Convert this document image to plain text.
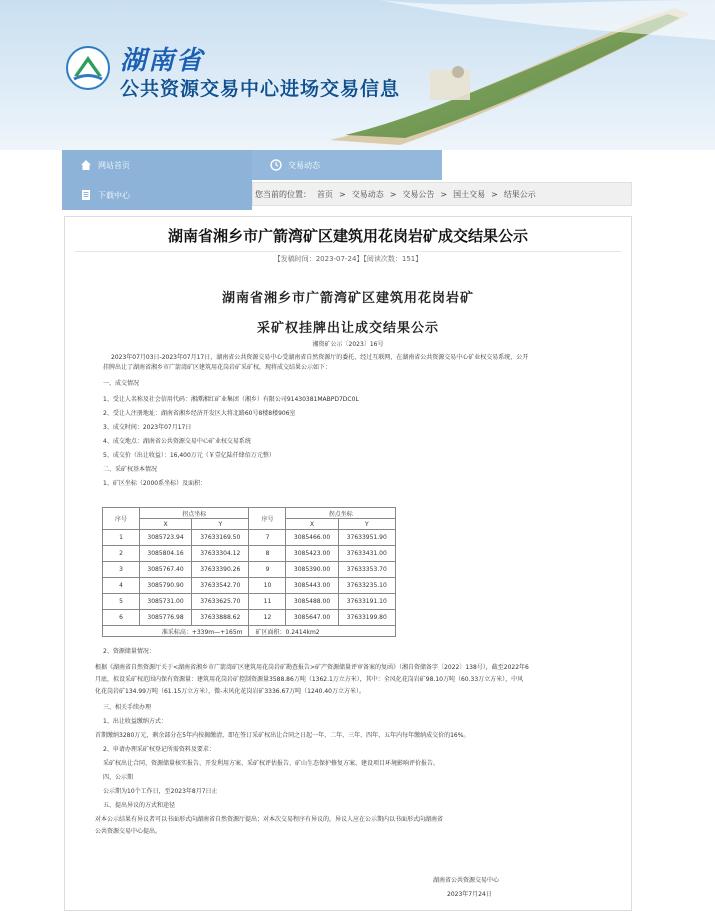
湖南省
公共资源交易中心进场交易信息
网站首页	交易动态
下载中心	您当前的位置： 首页 > 交易动态 > 交易公告 > 国土交易 > 结果公示
湖南省湘乡市广箭湾矿区建筑用花岗岩矿成交结果公示
【发稿时间：2023-07-24】【阅读次数：151】
湖南省湘乡市广箭湾矿区建筑用花岗岩矿
采矿权挂牌出让成交结果公示
湘资矿公示〔2023〕16号
2023年07月03日-2023年07月17日，湖南省公共资源交易中心受湖南省自然资源厅的委托，经过互联网，在湖南省公共资源交易中心矿业权交易系统，公开
挂牌出让了湖南省湘乡市广箭湾矿区建筑用花岗岩矿采矿权，现将成交结果公示如下：
一、成交情况
1、受让人名称及社会信用代码：湘潭湘红矿业集团（湘乡）有限公司91430381MABPD7DC0L
2、受让人注册地址：湖南省湘乡经济开发区大将北路60号8楼8楼906室
3、成交时间：2023年07月17日
4、成交地点：湖南省公共资源交易中心矿业权交易系统
5、成交价（出让收益）：16,400万元（￥壹亿陆仟肆佰万元整）
二、采矿权基本情况
1、矿区坐标（2000系坐标）及面积：
序号	拐点坐标		序号	拐点坐标	
	X	Y		X	Y
1	3085723.94	37633169.50	7	3085466.00	37633951.90
2	3085804.16	37633304.12	8	3085423.00	37633431.00
3	3085767.40	37633390.26	9	3085390.00	37633353.70
4	3085790.90	37633542.70	10	3085443.00	37633235.10
5	3085731.00	37633625.70	11	3085488.00	37633191.10
6	3085776.98	37633888.62	12	3085647.00	37633199.80
准采标高：+339m—+165m			矿区面积：0.2414km2		
2、资源储量情况：
根据《湖南省自然资源厅关于<湖南省湘乡市广箭湾矿区建筑用花岗岩矿勘查报告>矿产资源储量评审备案的复函》（湘自资储备字〔2022〕138号），截至2022年6
月底，拟设采矿权范围内保有资源量：建筑用花岗岩矿控制资源量3588.86万吨（1362.1万立方米），其中：全风化花岗岩矿98.10万吨（60.33万立方米），中风
化花岗岩矿134.99万吨（61.15万立方米），微-未风化花岗岩矿3336.67万吨（1240.40万立方米）。
三、相关手续办理
1、出让收益缴纳方式：
首期缴纳3280万元，剩余部分在5年内按揭缴清，即在签订采矿权出让合同之日起一年、二年、三年、四年、五年内每年缴纳成交价的16%。
2、申请办理采矿权登记所需资料及要求：
采矿权出让合同、资源储量核实报告、开发利用方案、采矿权评估报告、矿山生态保护修复方案、建设项目环境影响评价报告。
四、公示期
公示期为10个工作日，至2023年8月7日止
五、提出异议的方式和途径
对本公示结果有异议者可以书面形式向湖南省自然资源厅提出；对本次交易程序有异议的，异议人应在公示期内以书面形式向湖南省
公共资源交易中心提出。
湖南省公共资源交易中心
2023年7月24日
